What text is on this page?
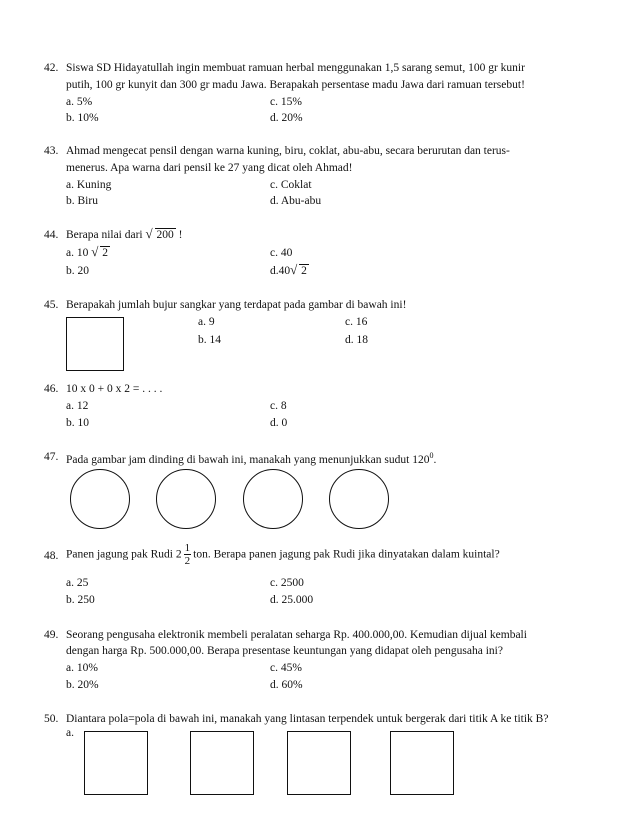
42. Siswa SD Hidayatullah ingin membuat ramuan herbal menggunakan 1,5 sarang semut, 100 gr kunir
putih, 100 gr kunyit dan 300 gr madu Jawa. Berapakah persentase madu Jawa dari ramuan tersebut!
a. 5%	c. 15%
b. 10%	d. 20%
43. Ahmad mengecat pensil dengan warna kuning, biru, coklat, abu-abu, secara berurutan dan terus-
menerus. Apa warna dari pensil ke 27 yang dicat oleh Ahmad!
a. Kuning	c. Coklat
b. Biru	d. Abu-abu
44. Berapa nilai dari √ 200 !
a. 10 √ 2	c. 40
b. 20	d.40 √ 2
45. Berapakah jumlah bujur sangkar yang terdapat pada gambar di bawah ini!
a. 9	c. 16
b. 14	d. 18
46. 10 x 0 + 0 x 2 = . . . .
a. 12	c. 8
b. 10	d. 0
47. Pada gambar jam dinding di bawah ini, manakah yang menunjukkan sudut $120^0$.
48. Panen jagung pak Rudi $2 \frac{1}{2}$ ton. Berapa panen jagung pak Rudi jika dinyatakan dalam kuintal?
a. 25	c. 2500
b. 250	d. 25.000
49. Seorang pengusaha elektronik membeli peralatan seharga Rp. 400.000,00. Kemudian dijual kembali
dengan harga Rp. 500.000,00. Berapa presentase keuntungan yang didapat oleh pengusaha ini?
a. 10%	c. 45%
b. 20%	d. 60%
50. Diantara pola=pola di bawah ini, manakah yang lintasan terpendek untuk bergerak dari titik A ke titik B?
a.
